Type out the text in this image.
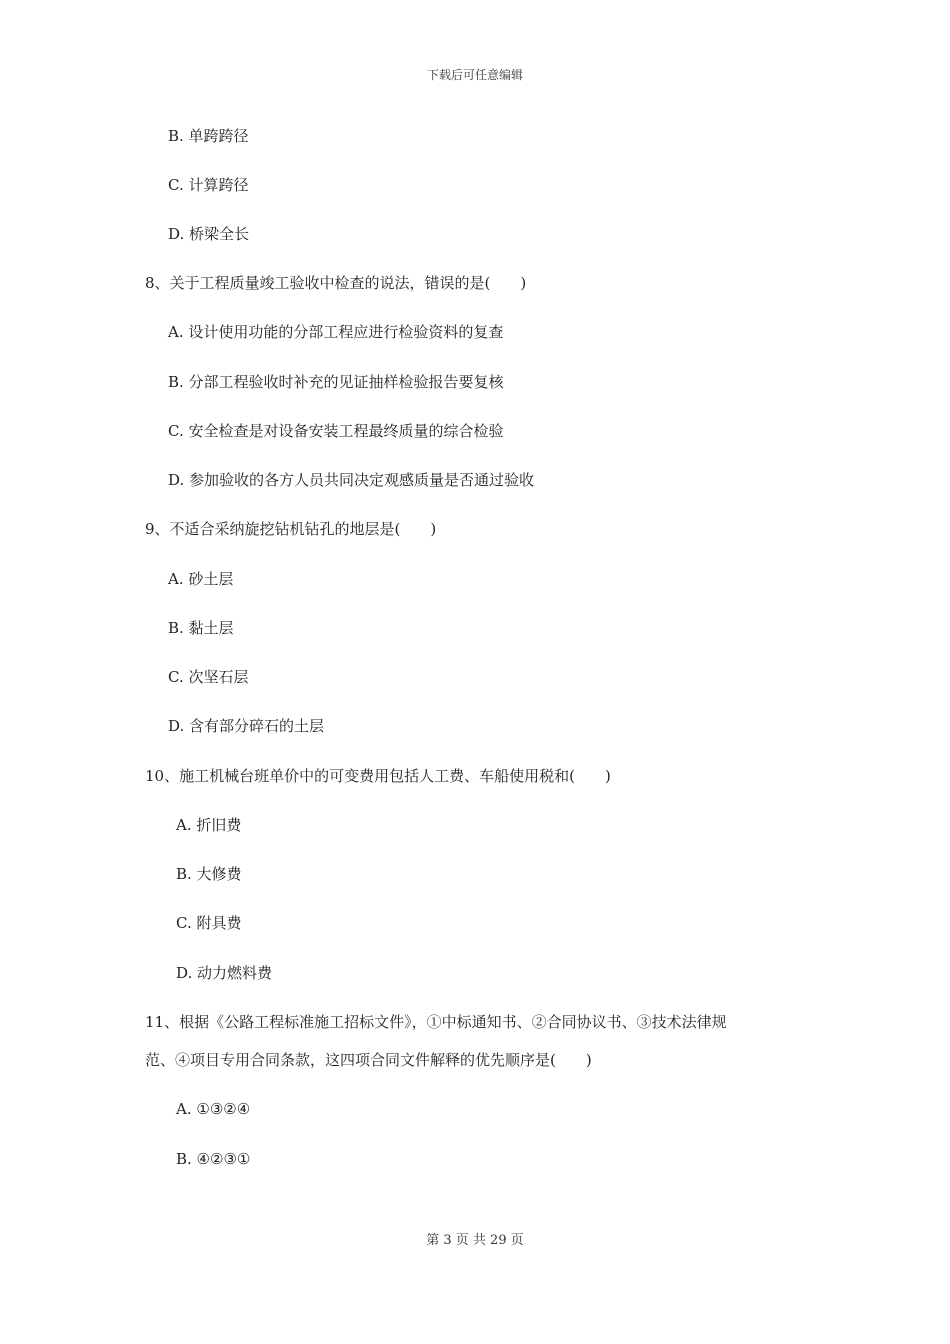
下载后可任意编辑
B. 单跨跨径
C. 计算跨径
D. 桥梁全长
8、关于工程质量竣工验收中检查的说法，错误的是(　　)
A. 设计使用功能的分部工程应进行检验资料的复查
B. 分部工程验收时补充的见证抽样检验报告要复核
C. 安全检查是对设备安装工程最终质量的综合检验
D. 参加验收的各方人员共同决定观感质量是否通过验收
9、不适合采纳旋挖钻机钻孔的地层是(　　)
A. 砂土层
B. 黏土层
C. 次坚石层
D. 含有部分碎石的土层
10、施工机械台班单价中的可变费用包括人工费、车船使用税和(　　)
A. 折旧费
B. 大修费
C. 附具费
D. 动力燃料费
11、根据《公路工程标准施工招标文件》，①中标通知书、②合同协议书、③技术法律规
范、④项目专用合同条款，这四项合同文件解释的优先顺序是(　　)
A. ①③②④
B. ④②③①
第 3 页 共 29 页
